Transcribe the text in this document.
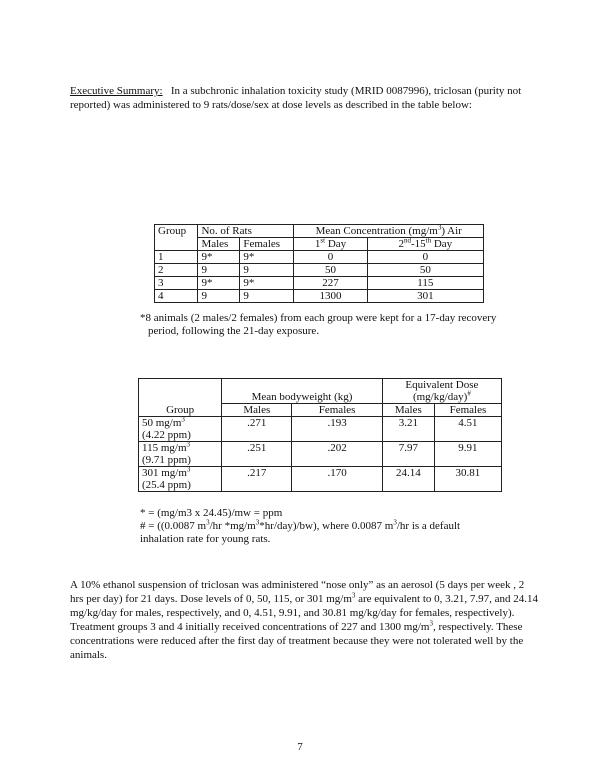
Executive Summary: In a subchronic inhalation toxicity study (MRID 0087996), triclosan (purity not reported) was administered to 9 rats/dose/sex at dose levels as described in the table below:

Group	No. of Rats		Mean Concentration $(mg/m^3)$ Air	
	Males	Females	1st Day	2nd-15th Day
1	9*	9*	0	0
2	9	9	50	50
3	9*	9*	227	115
4	9	9	1300	301

*8 animals (2 males/2 females) from each group were kept for a 17-day recovery
period, following the 21-day exposure.

Group	Mean bodyweight (kg)		Equivalent Dose
(mg/kg/day)#
	Males	Females	Males	Females
50 $mg/m^3$
(4.22 ppm)	.271	.193	3.21	4.51
115 $mg/m^3$
(9.71 ppm)	.251	.202	7.97	9.91
301 $mg/m^3$
(25.4 ppm)	.217	.170	24.14	30.81

* = (mg/m3 x 24.45)/mw = ppm
# = ((0.0087 $m^3/hr$ $*mg/m^3*hr/day)/bw$), where 0.0087 $m^3/hr$ is a default
inhalation rate for young rats.

A 10% ethanol suspension of triclosan was administered “nose only” as an aerosol (5 days per week , 2 hrs per day) for 21 days. Dose levels of 0, 50, 115, or 301 $mg/m^3$ are equivalent to 0, 3.21, 7.97, and 24.14 mg/kg/day for males, respectively, and 0, 4.51, 9.91, and 30.81 mg/kg/day for females, respectively). Treatment groups 3 and 4 initially received concentrations of 227 and 1300 $mg/m^3$, respectively. These concentrations were reduced after the first day of treatment because they were not tolerated well by the animals.

7
